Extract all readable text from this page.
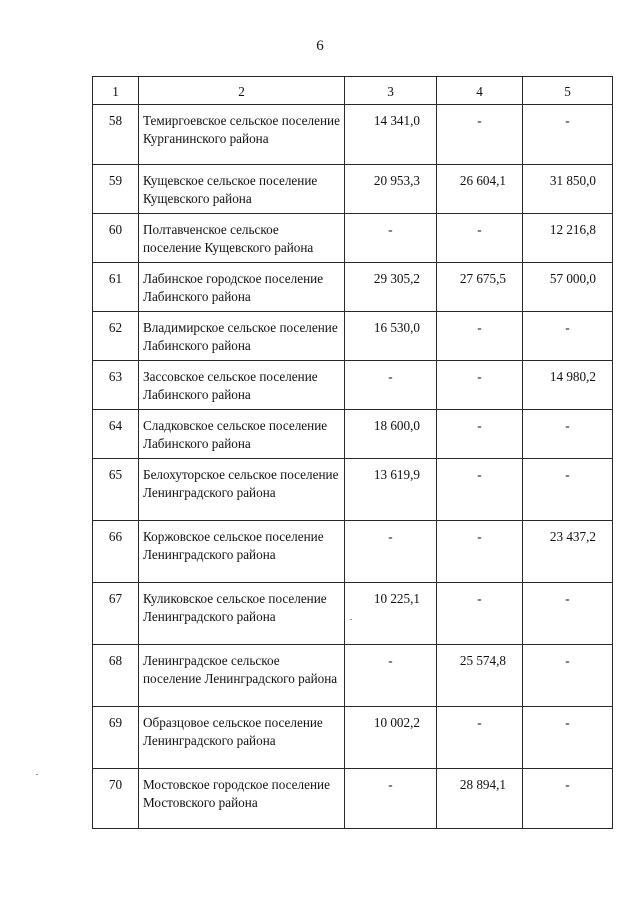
6
1	2	3	4	5
58	Темиргоевское сельское поселение Курганинского района	14 341,0	-	-
59	Кущевское сельское поселение Кущевского района	20 953,3	26 604,1	31 850,0
60	Полтавченское сельское поселение Кущевского района	-	-	12 216,8
61	Лабинское городское поселение Лабинского района	29 305,2	27 675,5	57 000,0
62	Владимирское сельское поселение Лабинского района	16 530,0	-	-
63	Зассовское сельское поселение Лабинского района	-	-	14 980,2
64	Сладковское сельское поселение Лабинского района	18 600,0	-	-
65	Белохуторское сельское поселение Ленинградского района	13 619,9	-	-
66	Коржовское сельское поселение Ленинградского района	-	-	23 437,2
67	Куликовское сельское поселение Ленинградского района	10 225,1	-	-
68	Ленинградское сельское поселение Ленинградского района	-	25 574,8	-
69	Образцовое сельское поселение Ленинградского района	10 002,2	-	-
70	Мостовское городское поселение Мостовского района	-	28 894,1	-
